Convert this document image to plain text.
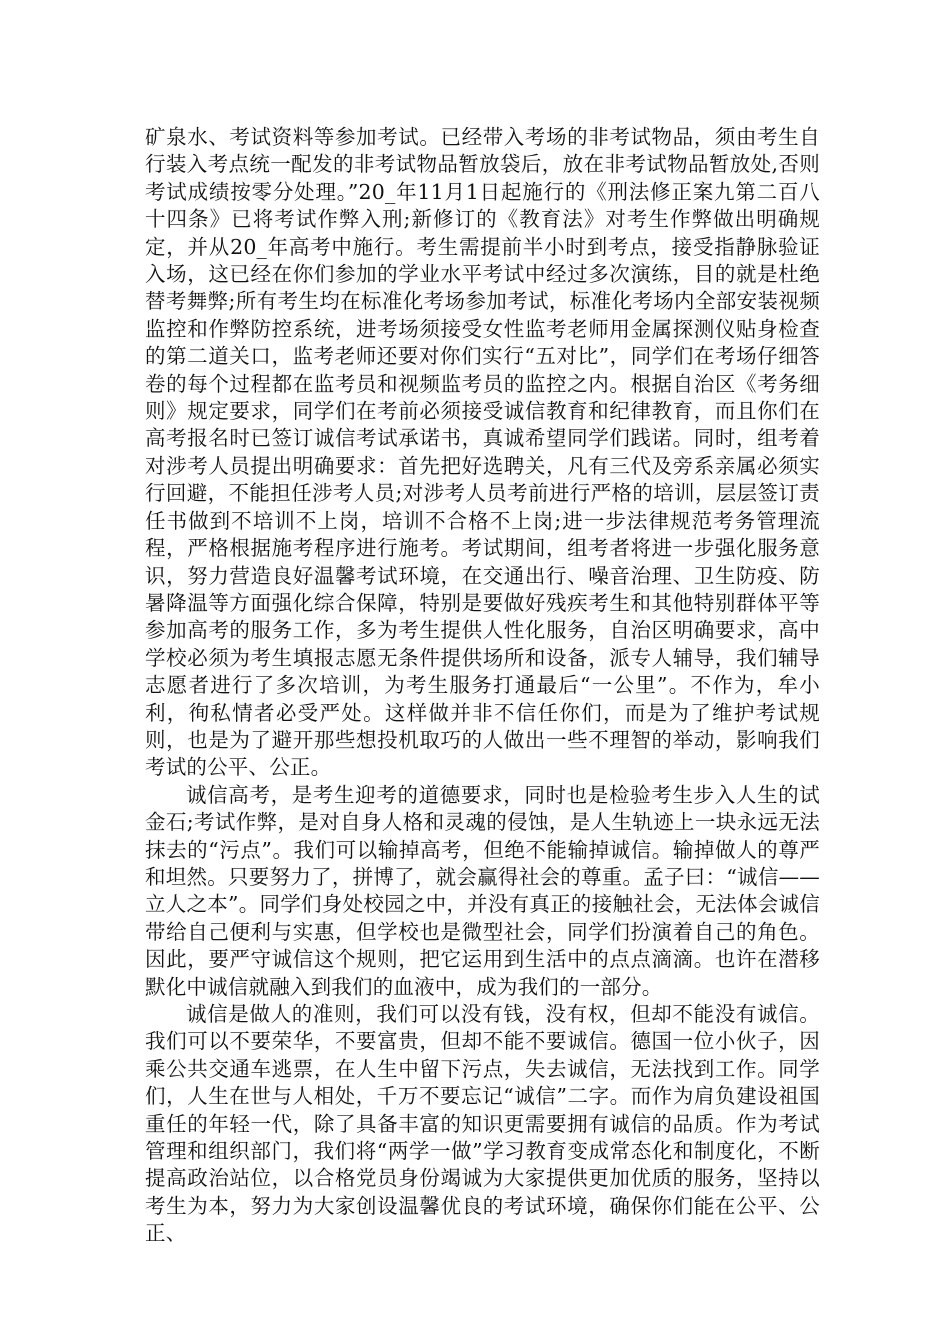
矿泉水、考试资料等参加考试。已经带入考场的非考试物品，须由考生自行装入考点统一配发的非考试物品暂放袋后，放在非考试物品暂放处,否则考试成绩按零分处理。”20_年11月1日起施行的《刑法修正案九第二百八十四条》已将考试作弊入刑;新修订的《教育法》对考生作弊做出明确规定，并从20_年高考中施行。考生需提前半小时到考点，接受指静脉验证入场，这已经在你们参加的学业水平考试中经过多次演练，目的就是杜绝替考舞弊;所有考生均在标准化考场参加考试，标准化考场内全部安装视频监控和作弊防控系统，进考场须接受女性监考老师用金属探测仪贴身检查的第二道关口，监考老师还要对你们实行“五对比”，同学们在考场仔细答卷的每个过程都在监考员和视频监考员的监控之内。根据自治区《考务细则》规定要求，同学们在考前必须接受诚信教育和纪律教育，而且你们在高考报名时已签订诚信考试承诺书，真诚希望同学们践诺。同时，组考着对涉考人员提出明确要求：首先把好选聘关，凡有三代及旁系亲属必须实行回避，不能担任涉考人员;对涉考人员考前进行严格的培训，层层签订责任书做到不培训不上岗，培训不合格不上岗;进一步法律规范考务管理流程，严格根据施考程序进行施考。考试期间，组考者将进一步强化服务意识，努力营造良好温馨考试环境，在交通出行、噪音治理、卫生防疫、防暑降温等方面强化综合保障，特别是要做好残疾考生和其他特别群体平等参加高考的服务工作，多为考生提供人性化服务，自治区明确要求，高中学校必须为考生填报志愿无条件提供场所和设备，派专人辅导，我们辅导志愿者进行了多次培训，为考生服务打通最后“一公里”。不作为，牟小利，徇私情者必受严处。这样做并非不信任你们，而是为了维护考试规则，也是为了避开那些想投机取巧的人做出一些不理智的举动，影响我们考试的公平、公正。

诚信高考，是考生迎考的道德要求，同时也是检验考生步入人生的试金石;考试作弊，是对自身人格和灵魂的侵蚀，是人生轨迹上一块永远无法抹去的“污点”。我们可以输掉高考，但绝不能输掉诚信。输掉做人的尊严和坦然。只要努力了，拼博了，就会赢得社会的尊重。孟子曰：“诚信——立人之本”。同学们身处校园之中，并没有真正的接触社会，无法体会诚信带给自己便利与实惠，但学校也是微型社会，同学们扮演着自己的角色。因此，要严守诚信这个规则，把它运用到生活中的点点滴滴。也许在潜移默化中诚信就融入到我们的血液中，成为我们的一部分。

诚信是做人的准则，我们可以没有钱，没有权，但却不能没有诚信。我们可以不要荣华，不要富贵，但却不能不要诚信。德国一位小伙子，因乘公共交通车逃票，在人生中留下污点，失去诚信，无法找到工作。同学们，人生在世与人相处，千万不要忘记“诚信”二字。而作为肩负建设祖国重任的年轻一代，除了具备丰富的知识更需要拥有诚信的品质。作为考试管理和组织部门，我们将“两学一做”学习教育变成常态化和制度化，不断提高政治站位，以合格党员身份竭诚为大家提供更加优质的服务，坚持以考生为本，努力为大家创设温馨优良的考试环境，确保你们能在公平、公正、
